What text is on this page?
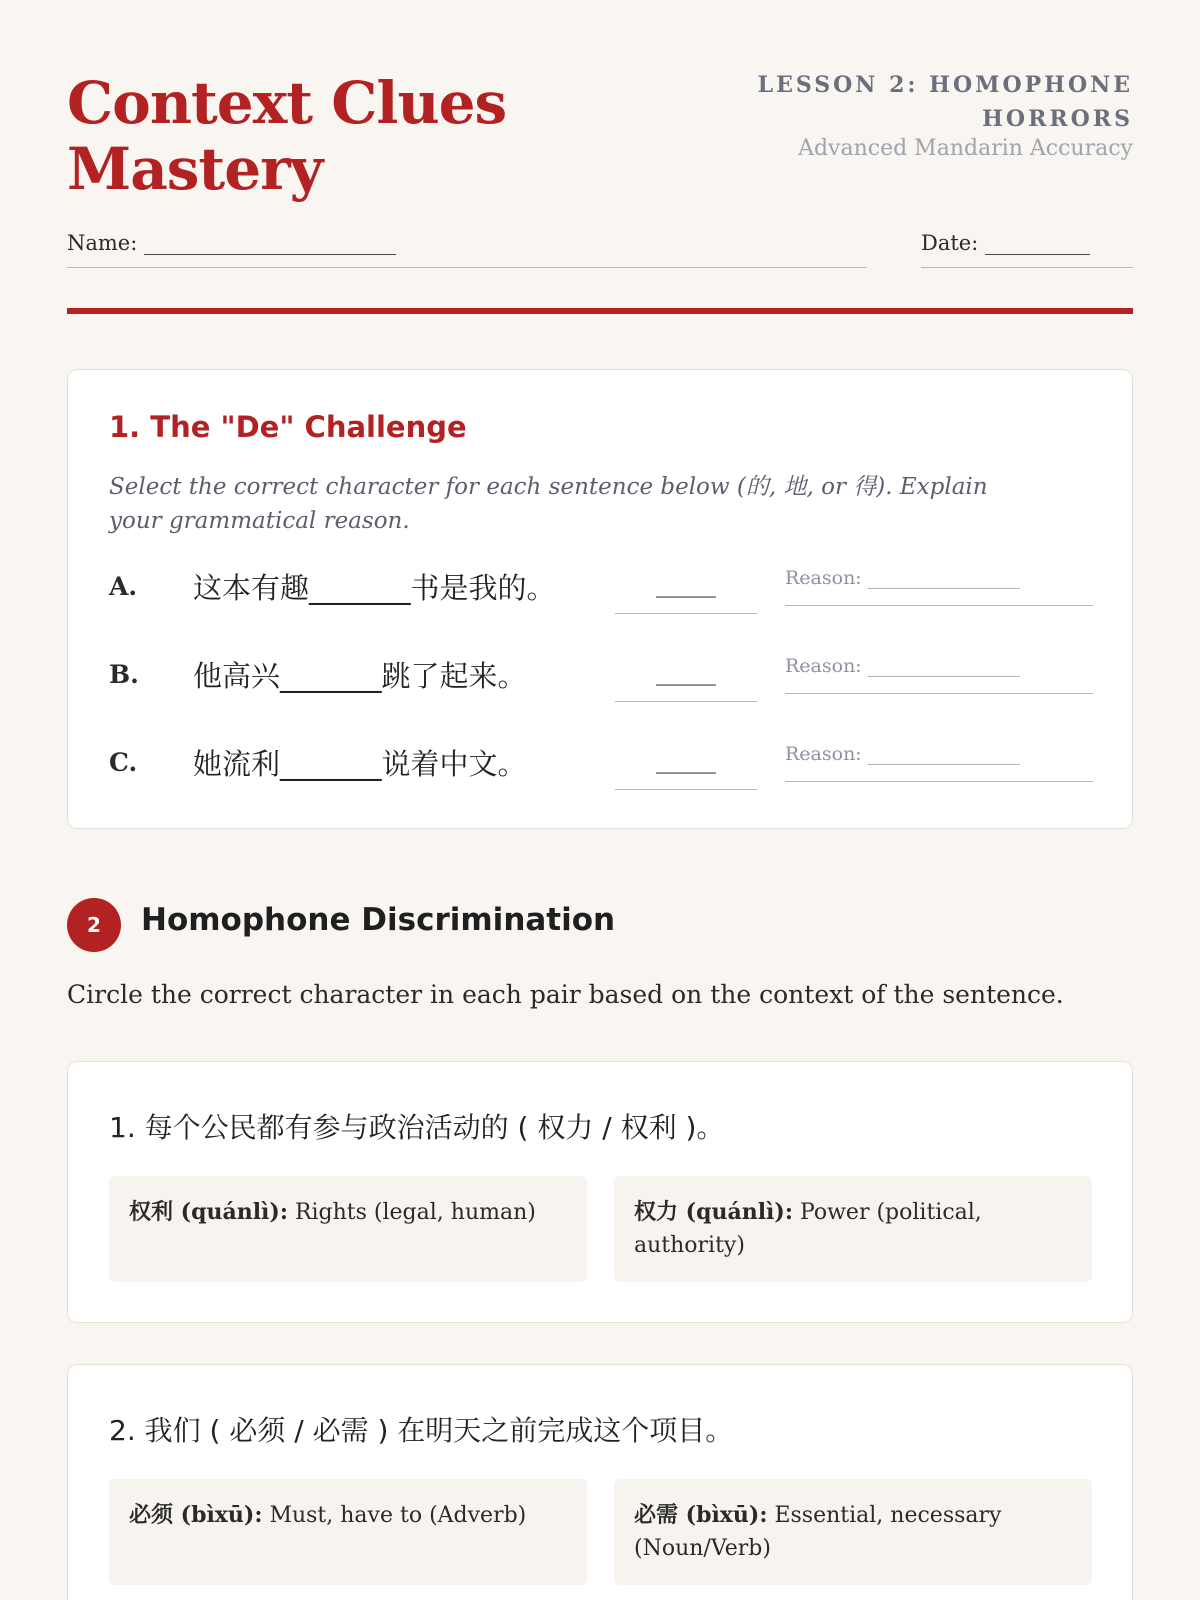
Context Clues Mastery
LESSON 2: HOMOPHONE HORRORS
Advanced Mandarin Accuracy
Name: ________________________	Date: __________
1. The "De" Challenge
Select the correct character for each sentence below (的, 地, or 得). Explain your grammatical reason.
A. 这本有趣_______书是我的。	_____	Reason: ________________
B. 他高兴_______跳了起来。	_____	Reason: ________________
C. 她流利_______说着中文。	_____	Reason: ________________
2	Homophone Discrimination
Circle the correct character in each pair based on the context of the sentence.
1. 每个公民都有参与政治活动的 ( 权力 / 权利 )。
权利 (quánlì): Rights (legal, human)	权力 (quánlì): Power (political, authority)
2. 我们 ( 必须 / 必需 ) 在明天之前完成这个项目。
必须 (bìxū): Must, have to (Adverb)	必需 (bìxū): Essential, necessary (Noun/Verb)
